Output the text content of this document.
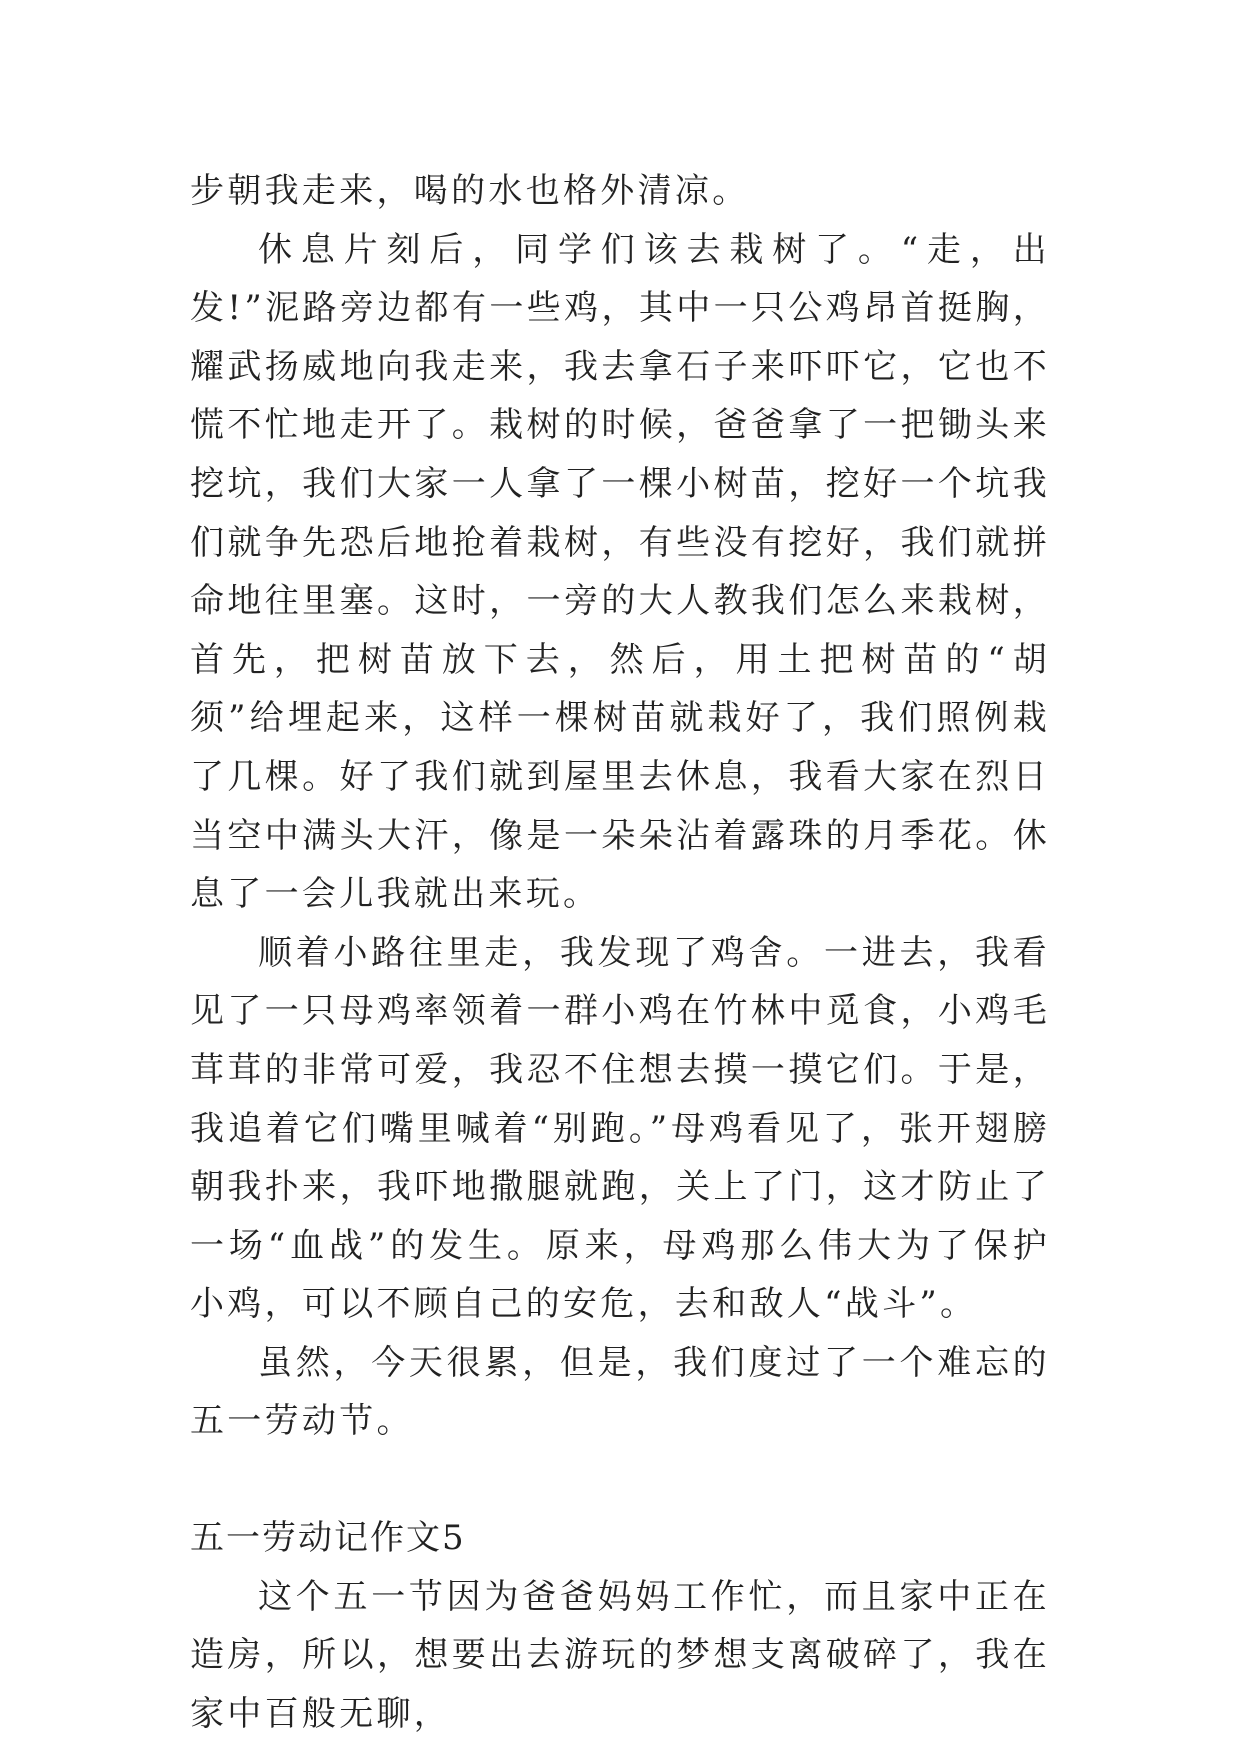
步朝我走来，喝的水也格外清凉。

休息片刻后，同学们该去栽树了。“走，出发!”泥路旁边都有一些鸡，其中一只公鸡昂首挺胸，耀武扬威地向我走来，我去拿石子来吓吓它，它也不慌不忙地走开了。栽树的时候，爸爸拿了一把锄头来挖坑，我们大家一人拿了一棵小树苗，挖好一个坑我们就争先恐后地抢着栽树，有些没有挖好，我们就拼命地往里塞。这时，一旁的大人教我们怎么来栽树，首先，把树苗放下去，然后，用土把树苗的“胡须”给埋起来，这样一棵树苗就栽好了，我们照例栽了几棵。好了我们就到屋里去休息，我看大家在烈日当空中满头大汗，像是一朵朵沾着露珠的月季花。休息了一会儿我就出来玩。

顺着小路往里走，我发现了鸡舍。一进去，我看见了一只母鸡率领着一群小鸡在竹林中觅食，小鸡毛茸茸的非常可爱，我忍不住想去摸一摸它们。于是，我追着它们嘴里喊着“别跑。”母鸡看见了，张开翅膀朝我扑来，我吓地撒腿就跑，关上了门，这才防止了一场“血战”的发生。原来，母鸡那么伟大为了保护小鸡，可以不顾自己的安危，去和敌人“战斗”。

虽然，今天很累，但是，我们度过了一个难忘的五一劳动节。

五一劳动记作文5

这个五一节因为爸爸妈妈工作忙，而且家中正在造房，所以，想要出去游玩的梦想支离破碎了，我在家中百般无聊，
